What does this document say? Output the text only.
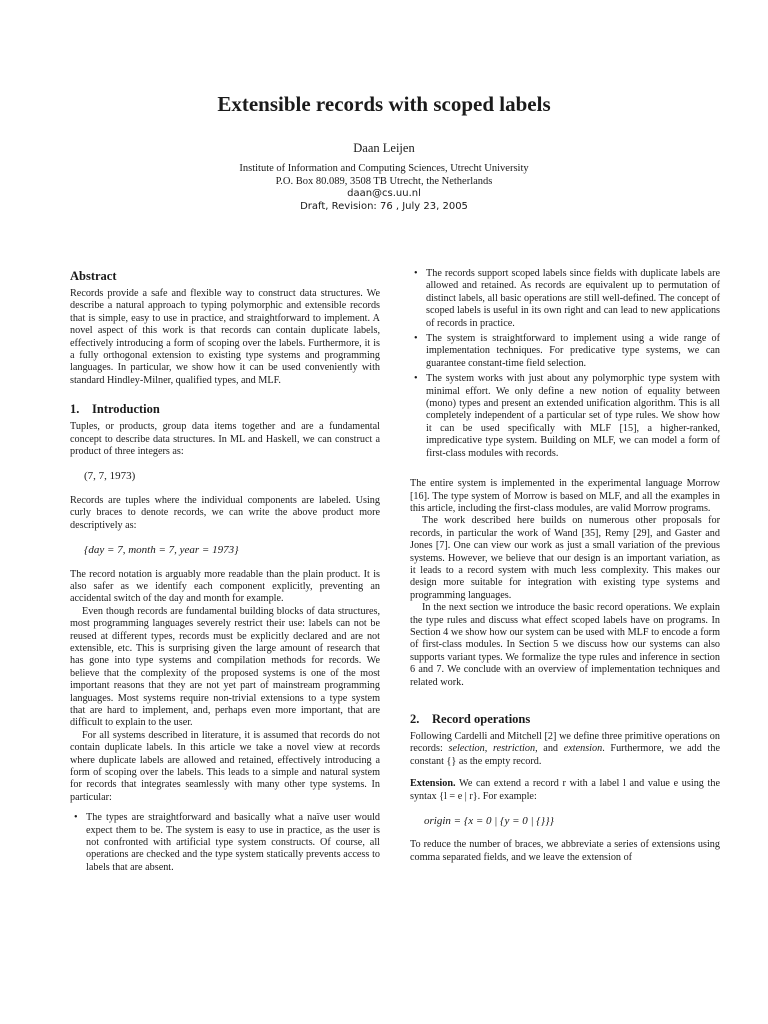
Extensible records with scoped labels
Daan Leijen
Institute of Information and Computing Sciences, Utrecht University
P.O. Box 80.089, 3508 TB Utrecht, the Netherlands
daan@cs.uu.nl
Draft, Revision: 76 , July 23, 2005
Abstract

Records provide a safe and flexible way to construct data structures. We describe a natural approach to typing polymorphic and extensible records that is simple, easy to use in practice, and straightforward to implement. A novel aspect of this work is that records can contain duplicate labels, effectively introducing a form of scoping over the labels. Furthermore, it is a fully orthogonal extension to existing type systems and programming languages. In particular, we show how it can be used conveniently with standard Hindley-Milner, qualified types, and MLF.

1. Introduction

Tuples, or products, group data items together and are a fundamental concept to describe data structures. In ML and Haskell, we can construct a product of three integers as:

(7, 7, 1973)

Records are tuples where the individual components are labeled. Using curly braces to denote records, we can write the above product more descriptively as:

{day = 7, month = 7, year = 1973}

The record notation is arguably more readable than the plain product. It is also safer as we identify each component explicitly, preventing an accidental switch of the day and month for example.

Even though records are fundamental building blocks of data structures, most programming languages severely restrict their use: labels can not be reused at different types, records must be explicitly declared and are not extensible, etc. This is surprising given the large amount of research that has gone into type systems and compilation methods for records. We believe that the complexity of the proposed systems is one of the most important reasons that they are not yet part of mainstream programming languages. Most systems require non-trivial extensions to a type system that are hard to implement, and, perhaps even more important, that are difficult to explain to the user.

For all systems described in literature, it is assumed that records do not contain duplicate labels. In this article we take a novel view at records where duplicate labels are allowed and retained, effectively introducing a form of scoping over the labels. This leads to a simple and natural system for records that integrates seamlessly with many other type systems. In particular:

• The types are straightforward and basically what a naïve user would expect them to be. The system is easy to use in practice, as the user is not confronted with artificial type system constructs. Of course, all operations are checked and the type system statically prevents access to labels that are absent.
• The records support scoped labels since fields with duplicate labels are allowed and retained. As records are equivalent up to permutation of distinct labels, all basic operations are still well-defined. The concept of scoped labels is useful in its own right and can lead to new applications of records in practice.
• The system is straightforward to implement using a wide range of implementation techniques. For predicative type systems, we can guarantee constant-time field selection.
• The system works with just about any polymorphic type system with minimal effort. We only define a new notion of equality between (mono) types and present an extended unification algorithm. This is all completely independent of a particular set of type rules. We show how it can be used specifically with MLF [15], a higher-ranked, impredicative type system. Building on MLF, we can model a form of first-class modules with records.

The entire system is implemented in the experimental language Morrow [16]. The type system of Morrow is based on MLF, and all the examples in this article, including the first-class modules, are valid Morrow programs.

The work described here builds on numerous other proposals for records, in particular the work of Wand [35], Remy [29], and Gaster and Jones [7]. One can view our work as just a small variation of the previous systems. However, we believe that our design is an important variation, as it leads to a record system with much less complexity. This makes our design more suitable for integration with existing type systems and programming languages.

In the next section we introduce the basic record operations. We explain the type rules and discuss what effect scoped labels have on programs. In Section 4 we show how our system can be used with MLF to encode a form of first-class modules. In Section 5 we discuss how our systems can also supports variant types. We formalize the type rules and inference in section 6 and 7. We conclude with an overview of implementation techniques and related work.

2. Record operations

Following Cardelli and Mitchell [2] we define three primitive operations on records: selection, restriction, and extension. Furthermore, we add the constant {} as the empty record.

Extension. We can extend a record r with a label l and value e using the syntax {l = e | r}. For example:

origin = {x = 0 | {y = 0 | {}}}

To reduce the number of braces, we abbreviate a series of extensions using comma separated fields, and we leave the extension of
